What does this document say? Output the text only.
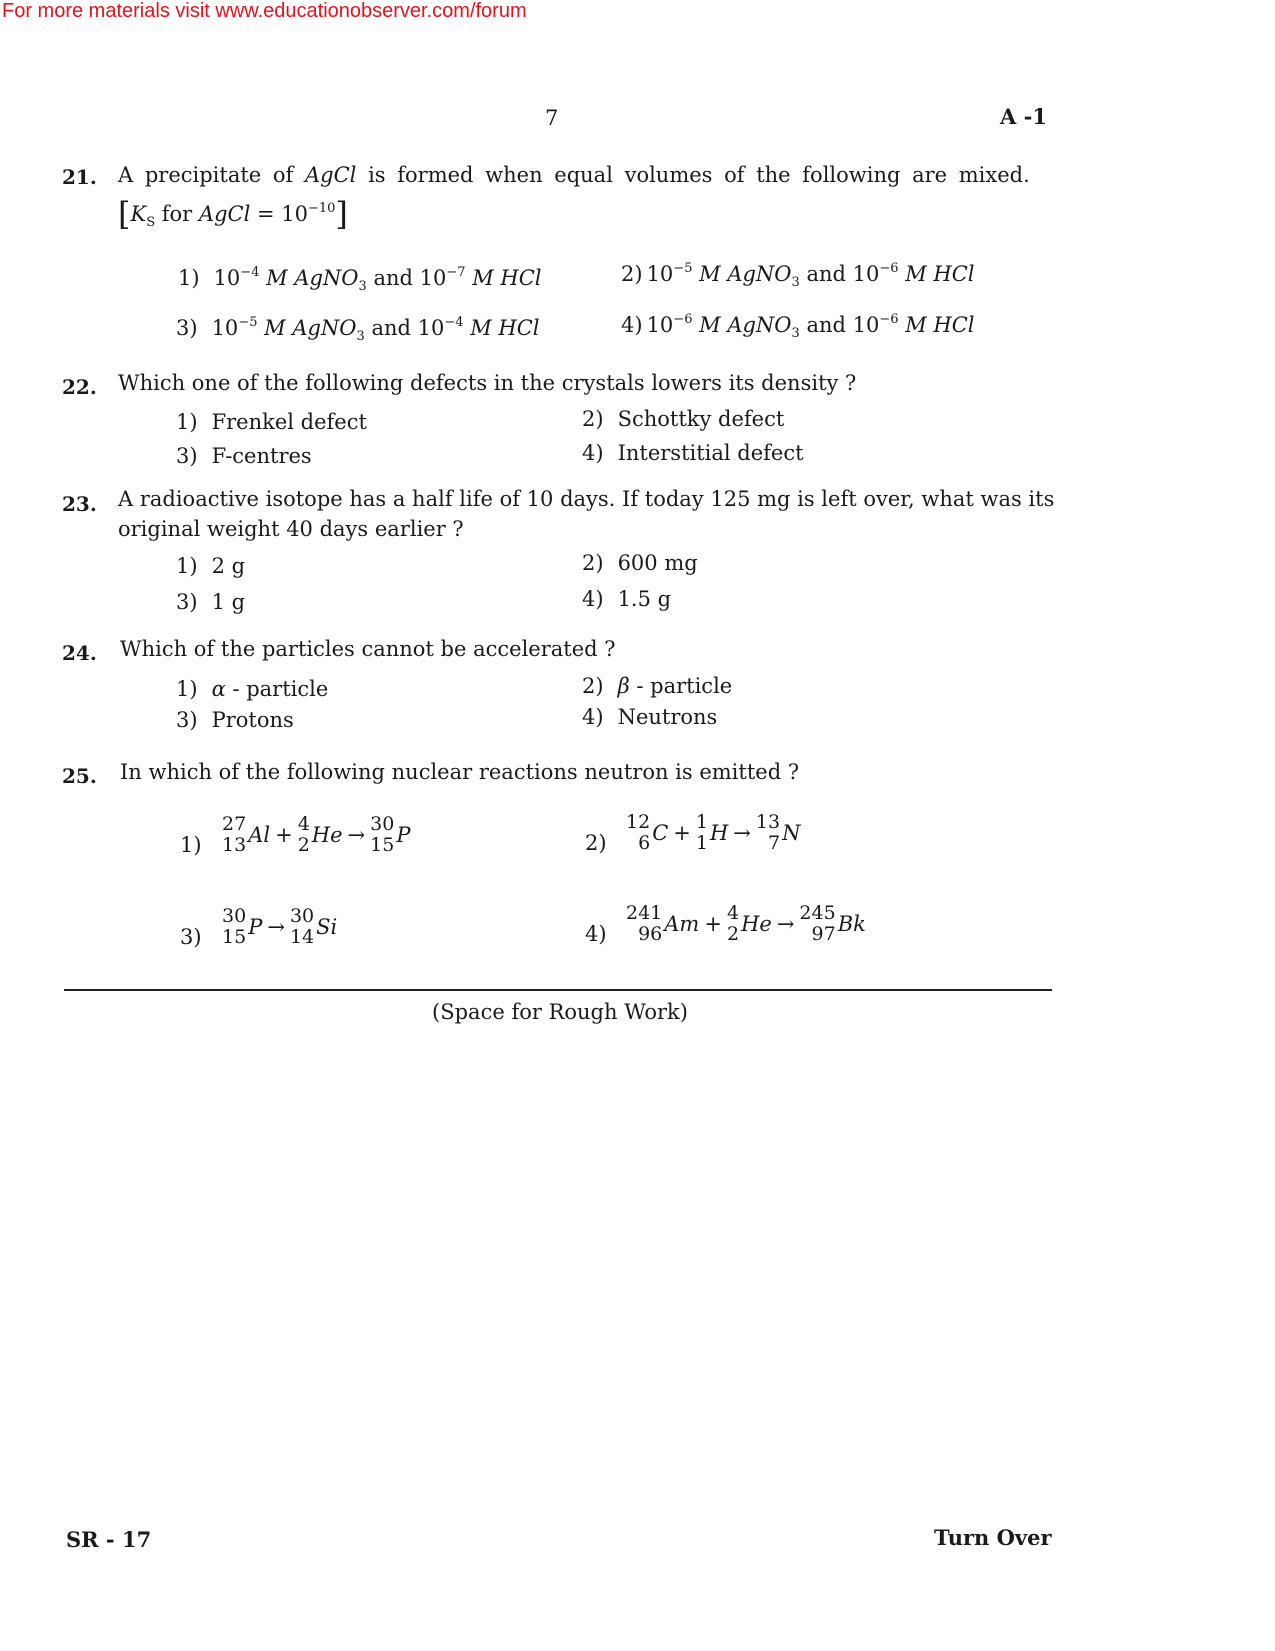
For more materials visit www.educationobserver.com/forum
7	A -1
21. A precipitate of AgCl is formed when equal volumes of the following are mixed.
[$K_S$ for AgCl = $10^{-10}$]
1) $10^{-4}$ M AgNO$_3$ and $10^{-7}$ M HCl	2) $10^{-5}$ M AgNO$_3$ and $10^{-6}$ M HCl
3) $10^{-5}$ M AgNO$_3$ and $10^{-4}$ M HCl	4) $10^{-6}$ M AgNO$_3$ and $10^{-6}$ M HCl
22. Which one of the following defects in the crystals lowers its density ?
1) Frenkel defect	2) Schottky defect
3) F-centres	4) Interstitial defect
23. A radioactive isotope has a half life of 10 days. If today 125 mg is left over, what was its
original weight 40 days earlier ?
1) 2 g	2) 600 mg
3) 1 g	4) 1.5 g
24. Which of the particles cannot be accelerated ?
1) α - particle	2) β - particle
3) Protons	4) Neutrons
25. In which of the following nuclear reactions neutron is emitted ?
1)
27
13 Al + 4
2 He → 30
15 P	2)
12
6 C + 1
1 H → 13
7 N
3)
30
15 P → 30
14 Si	4)
241
96 Am + 4
2 He → 245
97 Bk
(Space for Rough Work)
SR - 17	Turn Over
